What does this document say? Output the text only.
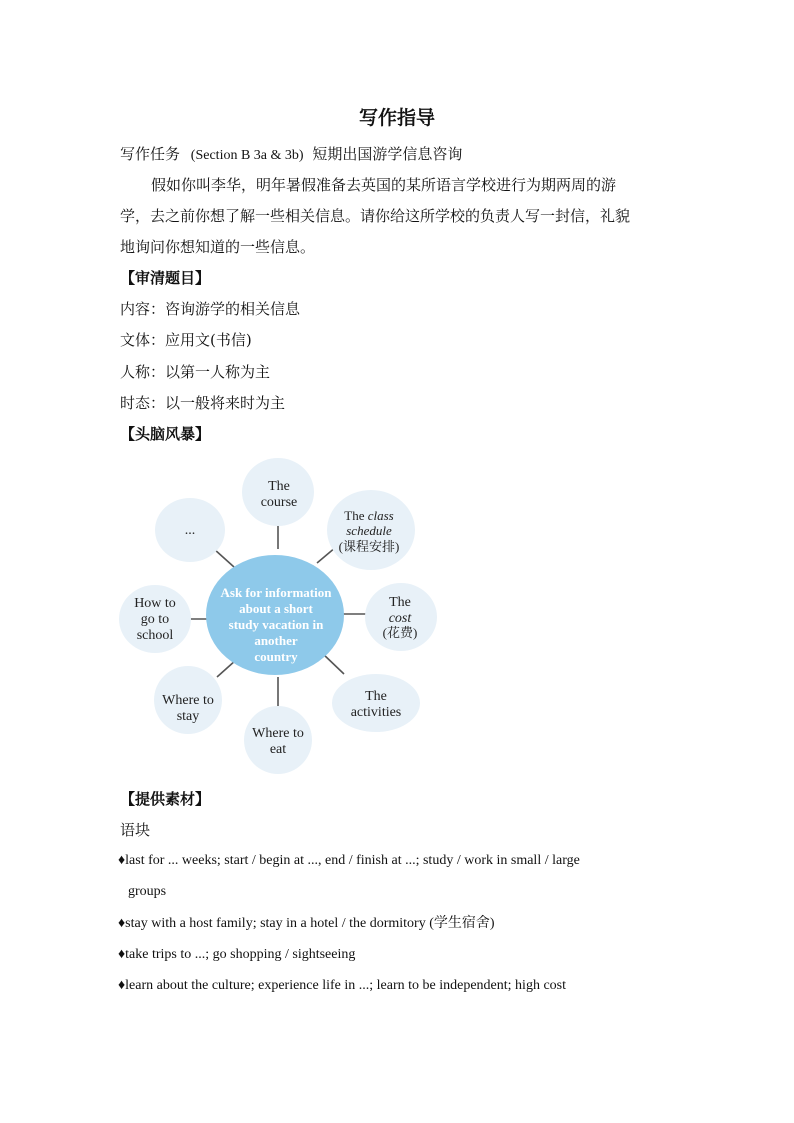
写作指导
写作任务 (Section B 3a & 3b) 短期出国游学信息咨询
假如你叫李华，明年暑假准备去英国的某所语言学校进行为期两周的游
学，去之前你想了解一些相关信息。请你给这所学校的负责人写一封信，礼貌
地询问你想知道的一些信息。
【审清题目】
内容：咨询游学的相关信息
文体：应用文(书信)
人称：以第一人称为主
时态：以一般将来时为主
【头脑风暴】
Ask for information
about a short
study vacation in
another
country
The
course
The class
schedule
(课程安排)
The
cost
(花费)
The
activities
Where to
eat
Where to
stay
How to
go to
school
...
【提供素材】
语块
♦last for ... weeks; start / begin at ..., end / finish at ...; study / work in small / large
groups
♦stay with a host family; stay in a hotel / the dormitory (学生宿舍)
♦take trips to ...; go shopping / sightseeing
♦learn about the culture; experience life in ...; learn to be independent; high cost
